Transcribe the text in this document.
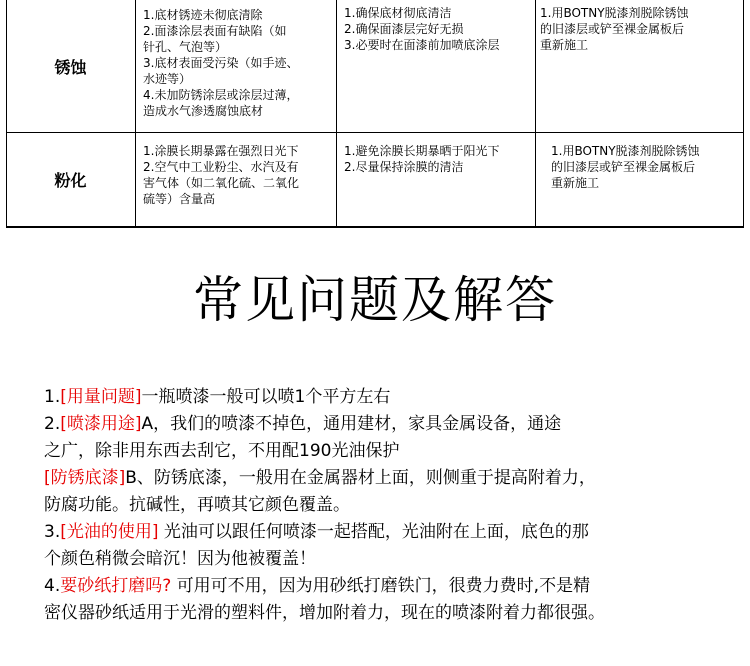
锈蚀
1.底材锈迹未彻底清除
2.面漆涂层表面有缺陷（如
针孔、气泡等）
3.底材表面受污染（如手迹、
水迹等）
4.未加防锈涂层或涂层过薄，
造成水气渗透腐蚀底材
1.确保底材彻底清洁
2.确保面漆层完好无损
3.必要时在面漆前加喷底涂层
1.用BOTNY脱漆剂脱除锈蚀
的旧漆层或铲至裸金属板后
重新施工
粉化
1.涂膜长期暴露在强烈日光下
2.空气中工业粉尘、水汽及有
害气体（如二氧化硫、二氧化
硫等）含量高
1.避免涂膜长期暴晒于阳光下
2.尽量保持涂膜的清洁
1.用BOTNY脱漆剂脱除锈蚀
的旧漆层或铲至裸金属板后
重新施工
常见问题及解答
1.[用量问题]一瓶喷漆一般可以喷1个平方左右
2.[喷漆用途]A，我们的喷漆不掉色，通用建材，家具金属设备，通途
之广，除非用东西去刮它，不用配190光油保护
[防锈底漆]B、防锈底漆，一般用在金属器材上面，则侧重于提高附着力，
防腐功能。抗碱性，再喷其它颜色覆盖。
3.[光油的使用] 光油可以跟任何喷漆一起搭配，光油附在上面，底色的那
个颜色稍微会暗沉！因为他被覆盖！
4.要砂纸打磨吗? 可用可不用，因为用砂纸打磨铁门，很费力费时,不是精
密仪器砂纸适用于光滑的塑料件，增加附着力，现在的喷漆附着力都很强。
